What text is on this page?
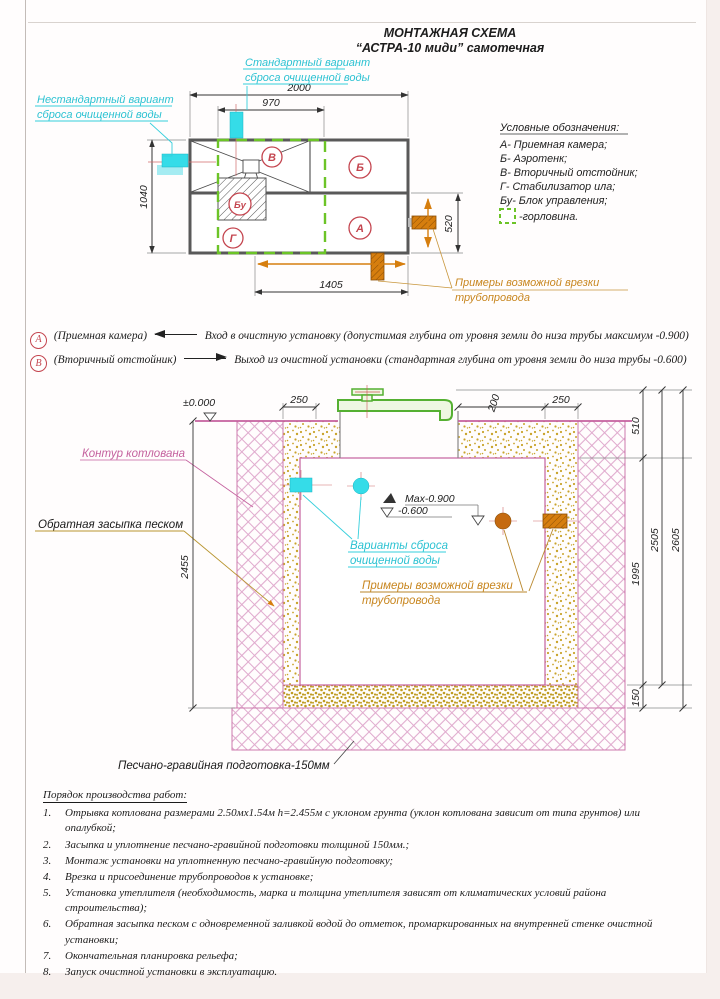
МОНТАЖНАЯ СХЕМА
“АСТРА-10 миди” самотечная
2000
970
1040
520
1405
Стандартный вариант
сброса очищенной воды
Нестандартный вариант
сброса очищенной воды
Примеры возможной врезки
трубопровода
В
Б
Бу
Г
А
Условные обозначения:
А- Приемная камера;
Б- Аэротенк;
В- Вторичный отстойник;
Г- Стабилизатор ила;
Бу- Блок управления;
-горловина.
±0.000
Max-0.900
-0.600
Контур котлована
Обратная засыпка песком
Варианты сброса
очищенной воды
Примеры возможной врезки
трубопровода
Песчано-гравийная подготовка-150мм
250	200	250
510
1995
150
2505 2605
2455
А (Приемная камера)	Вход в очистную установку (допустимая глубина от уровня земли до низа трубы максимум -0.900)
В (Вторичный отстойник)	Выход из очистной установки (стандартная глубина от уровня земли до низа трубы -0.600)
Порядок производства работ:
1.	Отрывка котлована размерами 2.50мх1.54м h=2.455м с уклоном грунта (уклон котлована зависит от типа грунтов) или опалубкой;
2.	Засыпка и уплотнение песчано-гравийной подготовки толщиной 150мм.;
3.	Монтаж установки на уплотненную песчано-гравийную подготовку;
4.	Врезка и присоединение трубопроводов к установке;
5.	Установка утеплителя (необходимость, марка и толщина утеплителя зависят от климатических условий района строительства);
6.	Обратная засыпка песком с одновременной заливкой водой до отметок, промаркированных на внутренней стенке очистной установки;
7.	Окончательная планировка рельефа;
8.	Запуск очистной установки в эксплуатацию.
